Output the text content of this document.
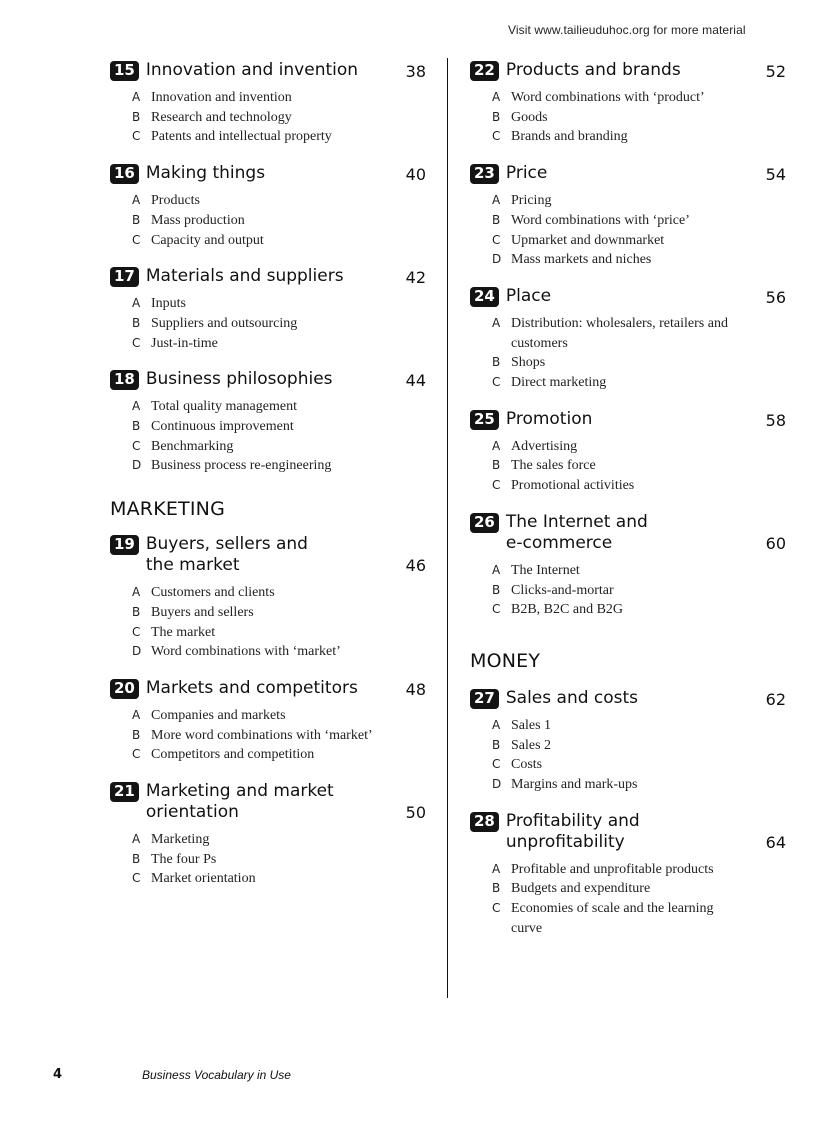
Visit www.tailieuduhoc.org for more material
15 Innovation and invention	38
A Innovation and invention
B Research and technology
C Patents and intellectual property
16 Making things	40
A Products
B Mass production
C Capacity and output
17 Materials and suppliers	42
A Inputs
B Suppliers and outsourcing
C Just-in-time
18 Business philosophies	44
A Total quality management
B Continuous improvement
C Benchmarking
D Business process re-engineering
MARKETING
19 Buyers, sellers and
the market	46
A Customers and clients
B Buyers and sellers
C The market
D Word combinations with ‘market’
20 Markets and competitors	48
A Companies and markets
B More word combinations with ‘market’
C Competitors and competition
21 Marketing and market
orientation	50
A Marketing
B The four Ps
C Market orientation
22 Products and brands	52
A Word combinations with ‘product’
B Goods
C Brands and branding
23 Price	54
A Pricing
B Word combinations with ‘price’
C Upmarket and downmarket
D Mass markets and niches
24 Place	56
A Distribution: wholesalers, retailers and customers
B Shops
C Direct marketing
25 Promotion	58
A Advertising
B The sales force
C Promotional activities
26 The Internet and
e-commerce	60
A The Internet
B Clicks-and-mortar
C B2B, B2C and B2G
MONEY
27 Sales and costs	62
A Sales 1
B Sales 2
C Costs
D Margins and mark-ups
28 Profitability and
unprofitability	64
A Profitable and unprofitable products
B Budgets and expenditure
C Economies of scale and the learning curve
4	Business Vocabulary in Use
